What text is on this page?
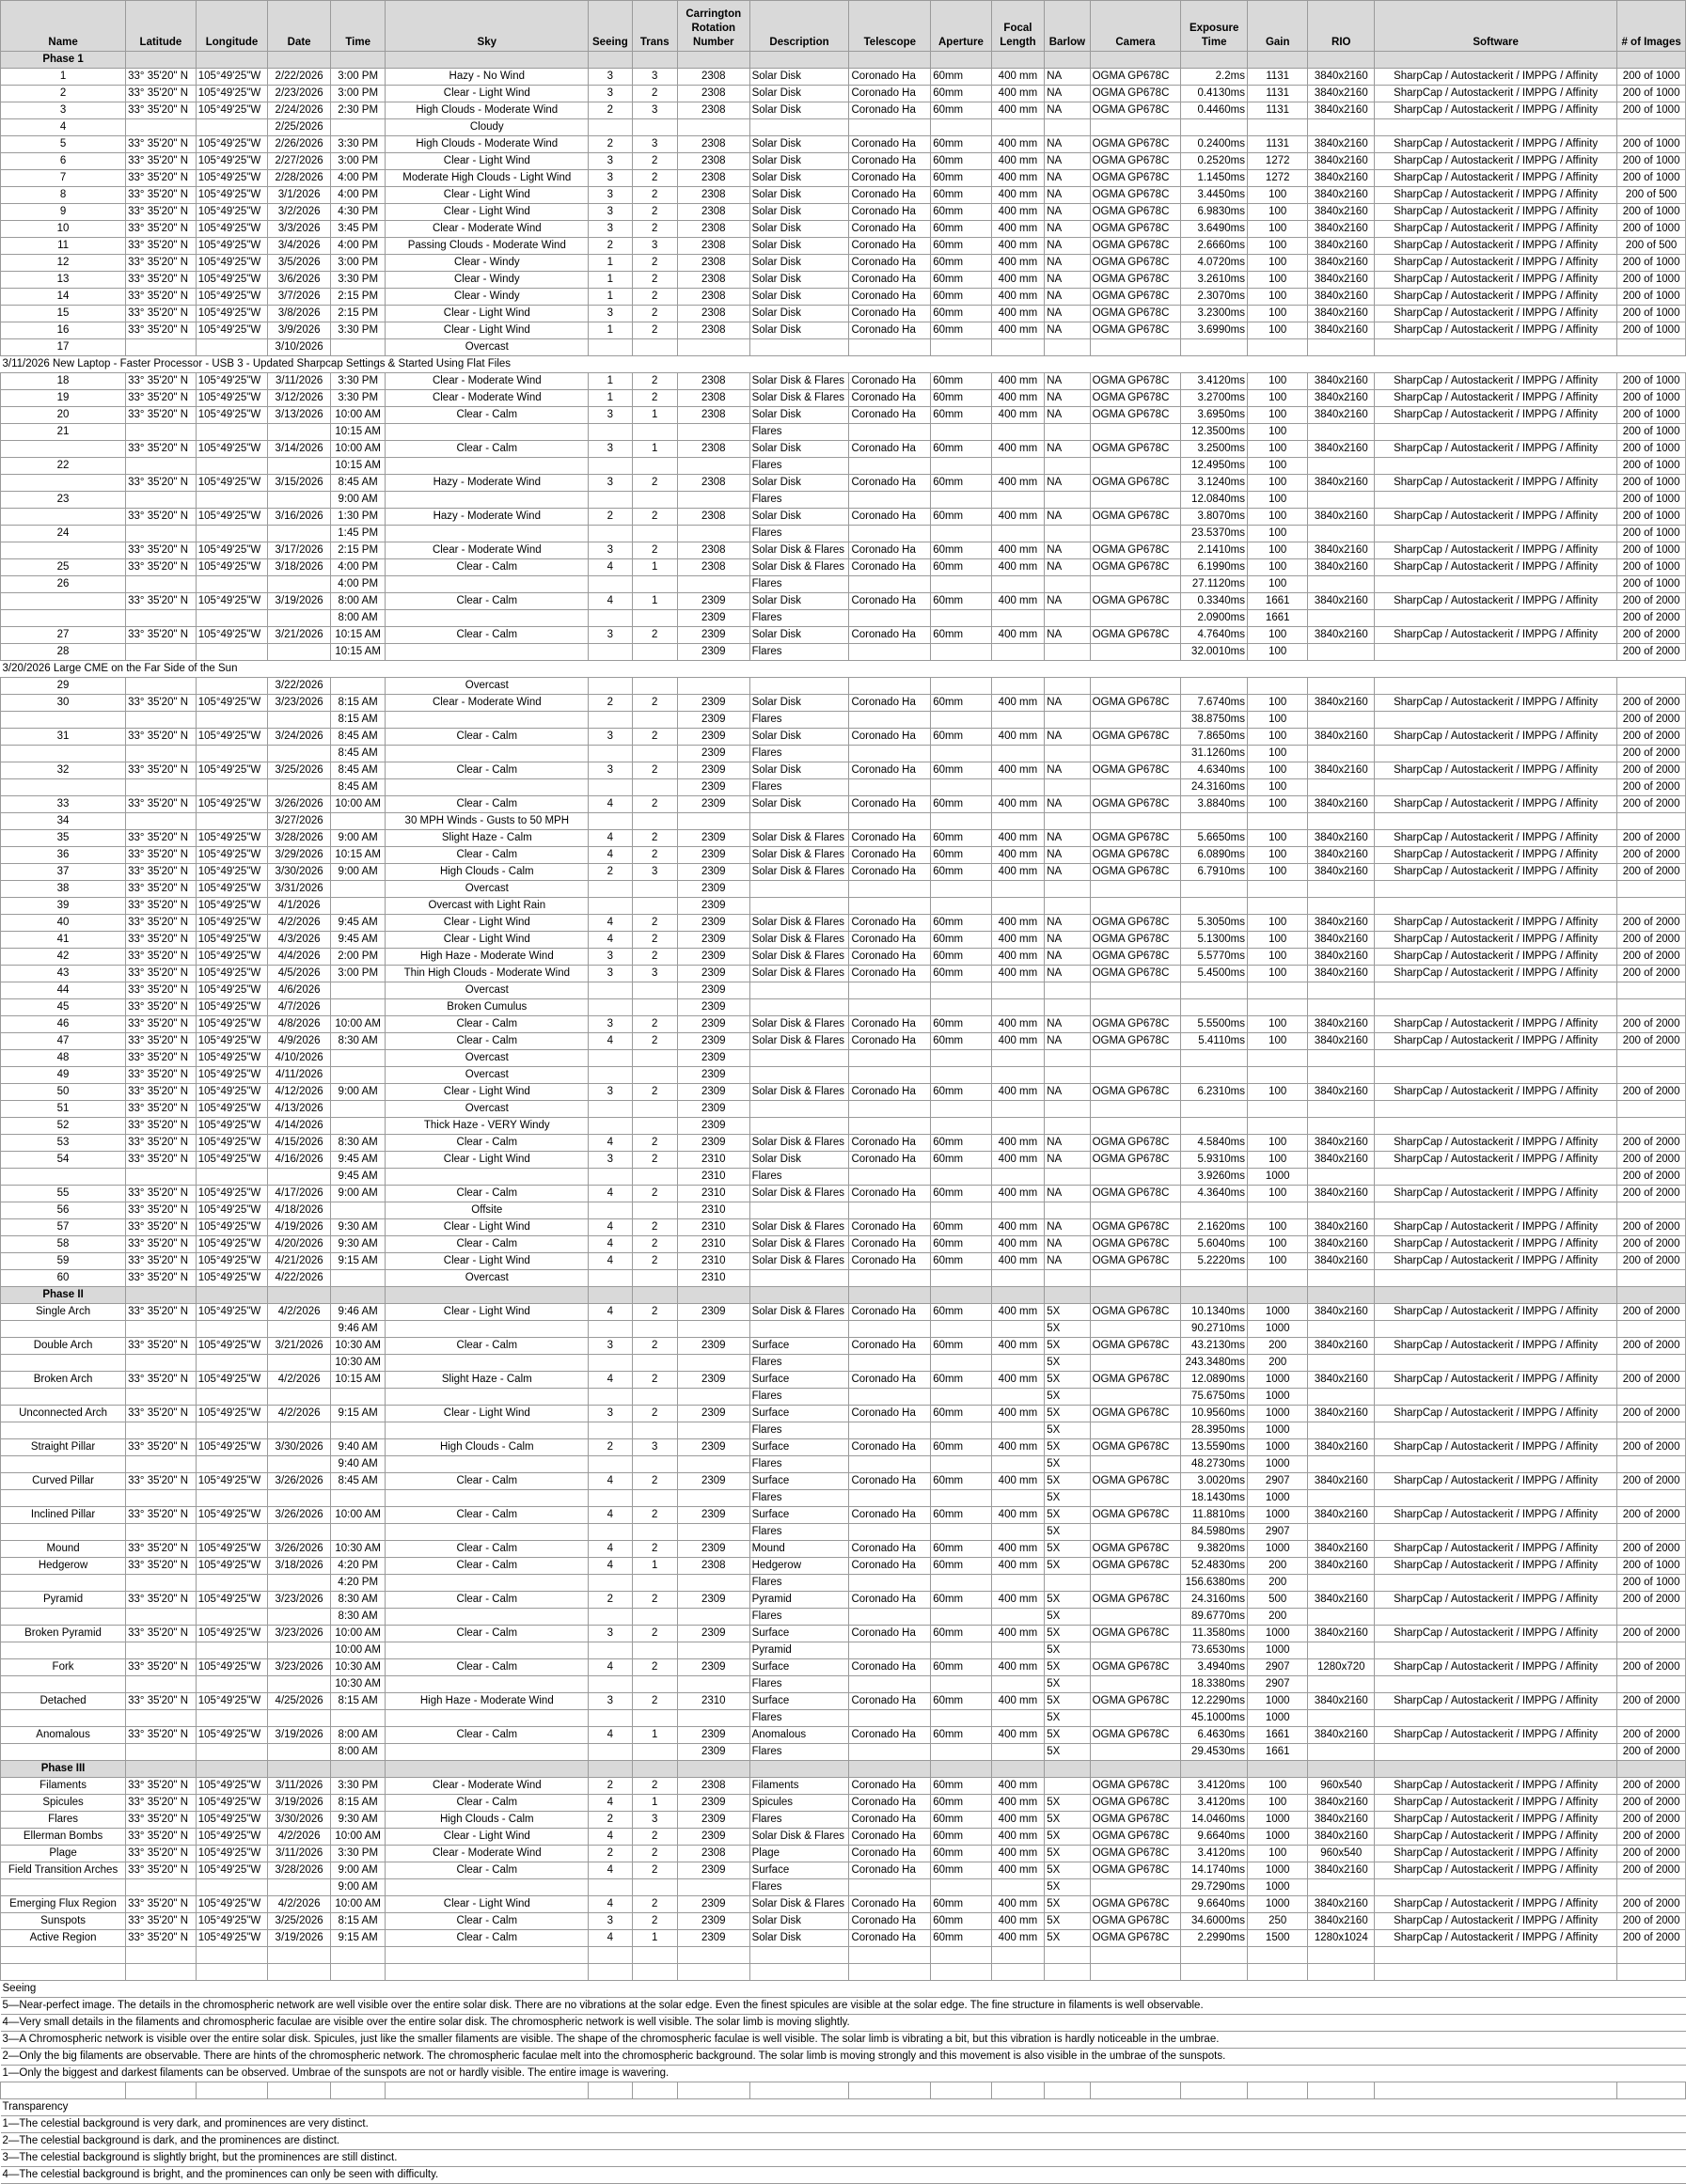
Name	Latitude	Longitude	Date	Time	Sky	Seeing	Trans	Carrington Rotation Number	Description	Telescope	Aperture	Focal Length	Barlow	Camera	Exposure Time	Gain	RIO	Software	# of Images
Phase 1																			
1	33° 35'20" N	105°49'25"W	2/22/2026	3:00 PM	Hazy - No Wind	3	3	2308	Solar Disk	Coronado Ha	60mm	400 mm	NA	OGMA GP678C	2.2ms	1131	3840x2160	SharpCap / Autostackerit / IMPPG / Affinity	200 of 1000
2	33° 35'20" N	105°49'25"W	2/23/2026	3:00 PM	Clear - Light Wind	3	2	2308	Solar Disk	Coronado Ha	60mm	400 mm	NA	OGMA GP678C	0.4130ms	1131	3840x2160	SharpCap / Autostackerit / IMPPG / Affinity	200 of 1000
3	33° 35'20" N	105°49'25"W	2/24/2026	2:30 PM	High Clouds - Moderate Wind	2	3	2308	Solar Disk	Coronado Ha	60mm	400 mm	NA	OGMA GP678C	0.4460ms	1131	3840x2160	SharpCap / Autostackerit / IMPPG / Affinity	200 of 1000
4			2/25/2026		Cloudy														
5	33° 35'20" N	105°49'25"W	2/26/2026	3:30 PM	High Clouds - Moderate Wind	2	3	2308	Solar Disk	Coronado Ha	60mm	400 mm	NA	OGMA GP678C	0.2400ms	1131	3840x2160	SharpCap / Autostackerit / IMPPG / Affinity	200 of 1000
6	33° 35'20" N	105°49'25"W	2/27/2026	3:00 PM	Clear - Light Wind	3	2	2308	Solar Disk	Coronado Ha	60mm	400 mm	NA	OGMA GP678C	0.2520ms	1272	3840x2160	SharpCap / Autostackerit / IMPPG / Affinity	200 of 1000
7	33° 35'20" N	105°49'25"W	2/28/2026	4:00 PM	Moderate High Clouds - Light Wind	3	2	2308	Solar Disk	Coronado Ha	60mm	400 mm	NA	OGMA GP678C	1.1450ms	1272	3840x2160	SharpCap / Autostackerit / IMPPG / Affinity	200 of 1000
8	33° 35'20" N	105°49'25"W	3/1/2026	4:00 PM	Clear - Light Wind	3	2	2308	Solar Disk	Coronado Ha	60mm	400 mm	NA	OGMA GP678C	3.4450ms	100	3840x2160	SharpCap / Autostackerit / IMPPG / Affinity	200 of 500
9	33° 35'20" N	105°49'25"W	3/2/2026	4:30 PM	Clear - Light Wind	3	2	2308	Solar Disk	Coronado Ha	60mm	400 mm	NA	OGMA GP678C	6.9830ms	100	3840x2160	SharpCap / Autostackerit / IMPPG / Affinity	200 of 1000
10	33° 35'20" N	105°49'25"W	3/3/2026	3:45 PM	Clear - Moderate Wind	3	2	2308	Solar Disk	Coronado Ha	60mm	400 mm	NA	OGMA GP678C	3.6490ms	100	3840x2160	SharpCap / Autostackerit / IMPPG / Affinity	200 of 1000
11	33° 35'20" N	105°49'25"W	3/4/2026	4:00 PM	Passing Clouds - Moderate Wind	2	3	2308	Solar Disk	Coronado Ha	60mm	400 mm	NA	OGMA GP678C	2.6660ms	100	3840x2160	SharpCap / Autostackerit / IMPPG / Affinity	200 of 500
12	33° 35'20" N	105°49'25"W	3/5/2026	3:00 PM	Clear - Windy	1	2	2308	Solar Disk	Coronado Ha	60mm	400 mm	NA	OGMA GP678C	4.0720ms	100	3840x2160	SharpCap / Autostackerit / IMPPG / Affinity	200 of 1000
13	33° 35'20" N	105°49'25"W	3/6/2026	3:30 PM	Clear - Windy	1	2	2308	Solar Disk	Coronado Ha	60mm	400 mm	NA	OGMA GP678C	3.2610ms	100	3840x2160	SharpCap / Autostackerit / IMPPG / Affinity	200 of 1000
14	33° 35'20" N	105°49'25"W	3/7/2026	2:15 PM	Clear - Windy	1	2	2308	Solar Disk	Coronado Ha	60mm	400 mm	NA	OGMA GP678C	2.3070ms	100	3840x2160	SharpCap / Autostackerit / IMPPG / Affinity	200 of 1000
15	33° 35'20" N	105°49'25"W	3/8/2026	2:15 PM	Clear - Light Wind	3	2	2308	Solar Disk	Coronado Ha	60mm	400 mm	NA	OGMA GP678C	3.2300ms	100	3840x2160	SharpCap / Autostackerit / IMPPG / Affinity	200 of 1000
16	33° 35'20" N	105°49'25"W	3/9/2026	3:30 PM	Clear - Light Wind	1	2	2308	Solar Disk	Coronado Ha	60mm	400 mm	NA	OGMA GP678C	3.6990ms	100	3840x2160	SharpCap / Autostackerit / IMPPG / Affinity	200 of 1000
17			3/10/2026		Overcast														
3/11/2026 New Laptop - Faster Processor - USB 3 - Updated Sharpcap Settings & Started Using Flat Files																			
18	33° 35'20" N	105°49'25"W	3/11/2026	3:30 PM	Clear - Moderate Wind	1	2	2308	Solar Disk & Flares	Coronado Ha	60mm	400 mm	NA	OGMA GP678C	3.4120ms	100	3840x2160	SharpCap / Autostackerit / IMPPG / Affinity	200 of 1000
19	33° 35'20" N	105°49'25"W	3/12/2026	3:30 PM	Clear - Moderate Wind	1	2	2308	Solar Disk & Flares	Coronado Ha	60mm	400 mm	NA	OGMA GP678C	3.2700ms	100	3840x2160	SharpCap / Autostackerit / IMPPG / Affinity	200 of 1000
20	33° 35'20" N	105°49'25"W	3/13/2026	10:00 AM	Clear - Calm	3	1	2308	Solar Disk	Coronado Ha	60mm	400 mm	NA	OGMA GP678C	3.6950ms	100	3840x2160	SharpCap / Autostackerit / IMPPG / Affinity	200 of 1000
21				10:15 AM					Flares						12.3500ms	100			200 of 1000
	33° 35'20" N	105°49'25"W	3/14/2026	10:00 AM	Clear - Calm	3	1	2308	Solar Disk	Coronado Ha	60mm	400 mm	NA	OGMA GP678C	3.2500ms	100	3840x2160	SharpCap / Autostackerit / IMPPG / Affinity	200 of 1000
22				10:15 AM					Flares						12.4950ms	100			200 of 1000
	33° 35'20" N	105°49'25"W	3/15/2026	8:45 AM	Hazy - Moderate Wind	3	2	2308	Solar Disk	Coronado Ha	60mm	400 mm	NA	OGMA GP678C	3.1240ms	100	3840x2160	SharpCap / Autostackerit / IMPPG / Affinity	200 of 1000
23				9:00 AM					Flares						12.0840ms	100			200 of 1000
	33° 35'20" N	105°49'25"W	3/16/2026	1:30 PM	Hazy - Moderate Wind	2	2	2308	Solar Disk	Coronado Ha	60mm	400 mm	NA	OGMA GP678C	3.8070ms	100	3840x2160	SharpCap / Autostackerit / IMPPG / Affinity	200 of 1000
24				1:45 PM					Flares						23.5370ms	100			200 of 1000
	33° 35'20" N	105°49'25"W	3/17/2026	2:15 PM	Clear - Moderate Wind	3	2	2308	Solar Disk & Flares	Coronado Ha	60mm	400 mm	NA	OGMA GP678C	2.1410ms	100	3840x2160	SharpCap / Autostackerit / IMPPG / Affinity	200 of 1000
25	33° 35'20" N	105°49'25"W	3/18/2026	4:00 PM	Clear - Calm	4	1	2308	Solar Disk & Flares	Coronado Ha	60mm	400 mm	NA	OGMA GP678C	6.1990ms	100	3840x2160	SharpCap / Autostackerit / IMPPG / Affinity	200 of 1000
26				4:00 PM					Flares						27.1120ms	100			200 of 1000
	33° 35'20" N	105°49'25"W	3/19/2026	8:00 AM	Clear - Calm	4	1	2309	Solar Disk	Coronado Ha	60mm	400 mm	NA	OGMA GP678C	0.3340ms	1661	3840x2160	SharpCap / Autostackerit / IMPPG / Affinity	200 of 2000
				8:00 AM				2309	Flares						2.0900ms	1661			200 of 2000
27	33° 35'20" N	105°49'25"W	3/21/2026	10:15 AM	Clear - Calm	3	2	2309	Solar Disk	Coronado Ha	60mm	400 mm	NA	OGMA GP678C	4.7640ms	100	3840x2160	SharpCap / Autostackerit / IMPPG / Affinity	200 of 2000
28				10:15 AM				2309	Flares						32.0010ms	100			200 of 2000
3/20/2026 Large CME on the Far Side of the Sun																			
29			3/22/2026		Overcast														
30	33° 35'20" N	105°49'25"W	3/23/2026	8:15 AM	Clear - Moderate Wind	2	2	2309	Solar Disk	Coronado Ha	60mm	400 mm	NA	OGMA GP678C	7.6740ms	100	3840x2160	SharpCap / Autostackerit / IMPPG / Affinity	200 of 2000
				8:15 AM				2309	Flares						38.8750ms	100			200 of 2000
31	33° 35'20" N	105°49'25"W	3/24/2026	8:45 AM	Clear - Calm	3	2	2309	Solar Disk	Coronado Ha	60mm	400 mm	NA	OGMA GP678C	7.8650ms	100	3840x2160	SharpCap / Autostackerit / IMPPG / Affinity	200 of 2000
				8:45 AM				2309	Flares						31.1260ms	100			200 of 2000
32	33° 35'20" N	105°49'25"W	3/25/2026	8:45 AM	Clear - Calm	3	2	2309	Solar Disk	Coronado Ha	60mm	400 mm	NA	OGMA GP678C	4.6340ms	100	3840x2160	SharpCap / Autostackerit / IMPPG / Affinity	200 of 2000
				8:45 AM				2309	Flares						24.3160ms	100			200 of 2000
33	33° 35'20" N	105°49'25"W	3/26/2026	10:00 AM	Clear - Calm	4	2	2309	Solar Disk	Coronado Ha	60mm	400 mm	NA	OGMA GP678C	3.8840ms	100	3840x2160	SharpCap / Autostackerit / IMPPG / Affinity	200 of 2000
34			3/27/2026		30 MPH Winds - Gusts to 50 MPH														
35	33° 35'20" N	105°49'25"W	3/28/2026	9:00 AM	Slight Haze - Calm	4	2	2309	Solar Disk & Flares	Coronado Ha	60mm	400 mm	NA	OGMA GP678C	5.6650ms	100	3840x2160	SharpCap / Autostackerit / IMPPG / Affinity	200 of 2000
36	33° 35'20" N	105°49'25"W	3/29/2026	10:15 AM	Clear - Calm	4	2	2309	Solar Disk & Flares	Coronado Ha	60mm	400 mm	NA	OGMA GP678C	6.0890ms	100	3840x2160	SharpCap / Autostackerit / IMPPG / Affinity	200 of 2000
37	33° 35'20" N	105°49'25"W	3/30/2026	9:00 AM	High Clouds - Calm	2	3	2309	Solar Disk & Flares	Coronado Ha	60mm	400 mm	NA	OGMA GP678C	6.7910ms	100	3840x2160	SharpCap / Autostackerit / IMPPG / Affinity	200 of 2000
38	33° 35'20" N	105°49'25"W	3/31/2026		Overcast			2309											
39	33° 35'20" N	105°49'25"W	4/1/2026		Overcast with Light Rain			2309											
40	33° 35'20" N	105°49'25"W	4/2/2026	9:45 AM	Clear - Light Wind	4	2	2309	Solar Disk & Flares	Coronado Ha	60mm	400 mm	NA	OGMA GP678C	5.3050ms	100	3840x2160	SharpCap / Autostackerit / IMPPG / Affinity	200 of 2000
41	33° 35'20" N	105°49'25"W	4/3/2026	9:45 AM	Clear - Light Wind	4	2	2309	Solar Disk & Flares	Coronado Ha	60mm	400 mm	NA	OGMA GP678C	5.1300ms	100	3840x2160	SharpCap / Autostackerit / IMPPG / Affinity	200 of 2000
42	33° 35'20" N	105°49'25"W	4/4/2026	2:00 PM	High Haze - Moderate Wind	3	2	2309	Solar Disk & Flares	Coronado Ha	60mm	400 mm	NA	OGMA GP678C	5.5770ms	100	3840x2160	SharpCap / Autostackerit / IMPPG / Affinity	200 of 2000
43	33° 35'20" N	105°49'25"W	4/5/2026	3:00 PM	Thin High Clouds - Moderate Wind	3	3	2309	Solar Disk & Flares	Coronado Ha	60mm	400 mm	NA	OGMA GP678C	5.4500ms	100	3840x2160	SharpCap / Autostackerit / IMPPG / Affinity	200 of 2000
44	33° 35'20" N	105°49'25"W	4/6/2026		Overcast			2309											
45	33° 35'20" N	105°49'25"W	4/7/2026		Broken Cumulus			2309											
46	33° 35'20" N	105°49'25"W	4/8/2026	10:00 AM	Clear - Calm	3	2	2309	Solar Disk & Flares	Coronado Ha	60mm	400 mm	NA	OGMA GP678C	5.5500ms	100	3840x2160	SharpCap / Autostackerit / IMPPG / Affinity	200 of 2000
47	33° 35'20" N	105°49'25"W	4/9/2026	8:30 AM	Clear - Calm	4	2	2309	Solar Disk & Flares	Coronado Ha	60mm	400 mm	NA	OGMA GP678C	5.4110ms	100	3840x2160	SharpCap / Autostackerit / IMPPG / Affinity	200 of 2000
48	33° 35'20" N	105°49'25"W	4/10/2026		Overcast			2309											
49	33° 35'20" N	105°49'25"W	4/11/2026		Overcast			2309											
50	33° 35'20" N	105°49'25"W	4/12/2026	9:00 AM	Clear - Light Wind	3	2	2309	Solar Disk & Flares	Coronado Ha	60mm	400 mm	NA	OGMA GP678C	6.2310ms	100	3840x2160	SharpCap / Autostackerit / IMPPG / Affinity	200 of 2000
51	33° 35'20" N	105°49'25"W	4/13/2026		Overcast			2309											
52	33° 35'20" N	105°49'25"W	4/14/2026		Thick Haze - VERY Windy			2309											
53	33° 35'20" N	105°49'25"W	4/15/2026	8:30 AM	Clear - Calm	4	2	2309	Solar Disk & Flares	Coronado Ha	60mm	400 mm	NA	OGMA GP678C	4.5840ms	100	3840x2160	SharpCap / Autostackerit / IMPPG / Affinity	200 of 2000
54	33° 35'20" N	105°49'25"W	4/16/2026	9:45 AM	Clear - Light Wind	3	2	2310	Solar Disk	Coronado Ha	60mm	400 mm	NA	OGMA GP678C	5.9310ms	100	3840x2160	SharpCap / Autostackerit / IMPPG / Affinity	200 of 2000
				9:45 AM				2310	Flares						3.9260ms	1000			200 of 2000
55	33° 35'20" N	105°49'25"W	4/17/2026	9:00 AM	Clear - Calm	4	2	2310	Solar Disk & Flares	Coronado Ha	60mm	400 mm	NA	OGMA GP678C	4.3640ms	100	3840x2160	SharpCap / Autostackerit / IMPPG / Affinity	200 of 2000
56	33° 35'20" N	105°49'25"W	4/18/2026		Offsite			2310											
57	33° 35'20" N	105°49'25"W	4/19/2026	9:30 AM	Clear - Light Wind	4	2	2310	Solar Disk & Flares	Coronado Ha	60mm	400 mm	NA	OGMA GP678C	2.1620ms	100	3840x2160	SharpCap / Autostackerit / IMPPG / Affinity	200 of 2000
58	33° 35'20" N	105°49'25"W	4/20/2026	9:30 AM	Clear - Calm	4	2	2310	Solar Disk & Flares	Coronado Ha	60mm	400 mm	NA	OGMA GP678C	5.6040ms	100	3840x2160	SharpCap / Autostackerit / IMPPG / Affinity	200 of 2000
59	33° 35'20" N	105°49'25"W	4/21/2026	9:15 AM	Clear - Light Wind	4	2	2310	Solar Disk & Flares	Coronado Ha	60mm	400 mm	NA	OGMA GP678C	5.2220ms	100	3840x2160	SharpCap / Autostackerit / IMPPG / Affinity	200 of 2000
60	33° 35'20" N	105°49'25"W	4/22/2026		Overcast			2310											
Phase II																			
Single Arch	33° 35'20" N	105°49'25"W	4/2/2026	9:46 AM	Clear - Light Wind	4	2	2309	Solar Disk & Flares	Coronado Ha	60mm	400 mm	5X	OGMA GP678C	10.1340ms	1000	3840x2160	SharpCap / Autostackerit / IMPPG / Affinity	200 of 2000
				9:46 AM									5X		90.2710ms	1000			
Double Arch	33° 35'20" N	105°49'25"W	3/21/2026	10:30 AM	Clear - Calm	3	2	2309	Surface	Coronado Ha	60mm	400 mm	5X	OGMA GP678C	43.2130ms	200	3840x2160	SharpCap / Autostackerit / IMPPG / Affinity	200 of 2000
				10:30 AM					Flares				5X		243.3480ms	200			
Broken Arch	33° 35'20" N	105°49'25"W	4/2/2026	10:15 AM	Slight Haze - Calm	4	2	2309	Surface	Coronado Ha	60mm	400 mm	5X	OGMA GP678C	12.0890ms	1000	3840x2160	SharpCap / Autostackerit / IMPPG / Affinity	200 of 2000
									Flares				5X		75.6750ms	1000			
Unconnected Arch	33° 35'20" N	105°49'25"W	4/2/2026	9:15 AM	Clear - Light Wind	3	2	2309	Surface	Coronado Ha	60mm	400 mm	5X	OGMA GP678C	10.9560ms	1000	3840x2160	SharpCap / Autostackerit / IMPPG / Affinity	200 of 2000
									Flares				5X		28.3950ms	1000			
Straight Pillar	33° 35'20" N	105°49'25"W	3/30/2026	9:40 AM	High Clouds - Calm	2	3	2309	Surface	Coronado Ha	60mm	400 mm	5X	OGMA GP678C	13.5590ms	1000	3840x2160	SharpCap / Autostackerit / IMPPG / Affinity	200 of 2000
				9:40 AM					Flares				5X		48.2730ms	1000			
Curved Pillar	33° 35'20" N	105°49'25"W	3/26/2026	8:45 AM	Clear - Calm	4	2	2309	Surface	Coronado Ha	60mm	400 mm	5X	OGMA GP678C	3.0020ms	2907	3840x2160	SharpCap / Autostackerit / IMPPG / Affinity	200 of 2000
									Flares				5X		18.1430ms	1000			
Inclined Pillar	33° 35'20" N	105°49'25"W	3/26/2026	10:00 AM	Clear - Calm	4	2	2309	Surface	Coronado Ha	60mm	400 mm	5X	OGMA GP678C	11.8810ms	1000	3840x2160	SharpCap / Autostackerit / IMPPG / Affinity	200 of 2000
									Flares				5X		84.5980ms	2907			
Mound	33° 35'20" N	105°49'25"W	3/26/2026	10:30 AM	Clear - Calm	4	2	2309	Mound	Coronado Ha	60mm	400 mm	5X	OGMA GP678C	9.3820ms	1000	3840x2160	SharpCap / Autostackerit / IMPPG / Affinity	200 of 2000
Hedgerow	33° 35'20" N	105°49'25"W	3/18/2026	4:20 PM	Clear - Calm	4	1	2308	Hedgerow	Coronado Ha	60mm	400 mm	5X	OGMA GP678C	52.4830ms	200	3840x2160	SharpCap / Autostackerit / IMPPG / Affinity	200 of 1000
				4:20 PM					Flares						156.6380ms	200			200 of 1000
Pyramid	33° 35'20" N	105°49'25"W	3/23/2026	8:30 AM	Clear - Calm	2	2	2309	Pyramid	Coronado Ha	60mm	400 mm	5X	OGMA GP678C	24.3160ms	500	3840x2160	SharpCap / Autostackerit / IMPPG / Affinity	200 of 2000
				8:30 AM					Flares				5X		89.6770ms	200			
Broken Pyramid	33° 35'20" N	105°49'25"W	3/23/2026	10:00 AM	Clear - Calm	3	2	2309	Surface	Coronado Ha	60mm	400 mm	5X	OGMA GP678C	11.3580ms	1000	3840x2160	SharpCap / Autostackerit / IMPPG / Affinity	200 of 2000
				10:00 AM					Pyramid				5X		73.6530ms	1000			
Fork	33° 35'20" N	105°49'25"W	3/23/2026	10:30 AM	Clear - Calm	4	2	2309	Surface	Coronado Ha	60mm	400 mm	5X	OGMA GP678C	3.4940ms	2907	1280x720	SharpCap / Autostackerit / IMPPG / Affinity	200 of 2000
				10:30 AM					Flares				5X		18.3380ms	2907			
Detached	33° 35'20" N	105°49'25"W	4/25/2026	8:15 AM	High Haze - Moderate Wind	3	2	2310	Surface	Coronado Ha	60mm	400 mm	5X	OGMA GP678C	12.2290ms	1000	3840x2160	SharpCap / Autostackerit / IMPPG / Affinity	200 of 2000
									Flares				5X		45.1000ms	1000			
Anomalous	33° 35'20" N	105°49'25"W	3/19/2026	8:00 AM	Clear - Calm	4	1	2309	Anomalous	Coronado Ha	60mm	400 mm	5X	OGMA GP678C	6.4630ms	1661	3840x2160	SharpCap / Autostackerit / IMPPG / Affinity	200 of 2000
				8:00 AM				2309	Flares				5X		29.4530ms	1661			200 of 2000
Phase III																			
Filaments	33° 35'20" N	105°49'25"W	3/11/2026	3:30 PM	Clear - Moderate Wind	2	2	2308	Filaments	Coronado Ha	60mm	400 mm		OGMA GP678C	3.4120ms	100	960x540	SharpCap / Autostackerit / IMPPG / Affinity	200 of 2000
Spicules	33° 35'20" N	105°49'25"W	3/19/2026	8:15 AM	Clear - Calm	4	1	2309	Spicules	Coronado Ha	60mm	400 mm	5X	OGMA GP678C	3.4120ms	100	3840x2160	SharpCap / Autostackerit / IMPPG / Affinity	200 of 2000
Flares	33° 35'20" N	105°49'25"W	3/30/2026	9:30 AM	High Clouds - Calm	2	3	2309	Flares	Coronado Ha	60mm	400 mm	5X	OGMA GP678C	14.0460ms	1000	3840x2160	SharpCap / Autostackerit / IMPPG / Affinity	200 of 2000
Ellerman Bombs	33° 35'20" N	105°49'25"W	4/2/2026	10:00 AM	Clear - Light Wind	4	2	2309	Solar Disk & Flares	Coronado Ha	60mm	400 mm	5X	OGMA GP678C	9.6640ms	1000	3840x2160	SharpCap / Autostackerit / IMPPG / Affinity	200 of 2000
Plage	33° 35'20" N	105°49'25"W	3/11/2026	3:30 PM	Clear - Moderate Wind	2	2	2308	Plage	Coronado Ha	60mm	400 mm	5X	OGMA GP678C	3.4120ms	100	960x540	SharpCap / Autostackerit / IMPPG / Affinity	200 of 2000
Field Transition Arches	33° 35'20" N	105°49'25"W	3/28/2026	9:00 AM	Clear - Calm	4	2	2309	Surface	Coronado Ha	60mm	400 mm	5X	OGMA GP678C	14.1740ms	1000	3840x2160	SharpCap / Autostackerit / IMPPG / Affinity	200 of 2000
				9:00 AM					Flares				5X		29.7290ms	1000			
Emerging Flux Region	33° 35'20" N	105°49'25"W	4/2/2026	10:00 AM	Clear - Light Wind	4	2	2309	Solar Disk & Flares	Coronado Ha	60mm	400 mm	5X	OGMA GP678C	9.6640ms	1000	3840x2160	SharpCap / Autostackerit / IMPPG / Affinity	200 of 2000
Sunspots	33° 35'20" N	105°49'25"W	3/25/2026	8:15 AM	Clear - Calm	3	2	2309	Solar Disk	Coronado Ha	60mm	400 mm	5X	OGMA GP678C	34.6000ms	250	3840x2160	SharpCap / Autostackerit / IMPPG / Affinity	200 of 2000
Active Region	33° 35'20" N	105°49'25"W	3/19/2026	9:15 AM	Clear - Calm	4	1	2309	Solar Disk	Coronado Ha	60mm	400 mm	5X	OGMA GP678C	2.2990ms	1500	1280x1024	SharpCap / Autostackerit / IMPPG / Affinity	200 of 2000

Seeing																			
5—Near-perfect image. The details in the chromospheric network are well visible over the entire solar disk. There are no vibrations at the solar edge. Even the finest spicules are visible at the solar edge. The fine structure in filaments is well observable.																			
4—Very small details in the filaments and chromospheric faculae are visible over the entire solar disk. The chromospheric network is well visible. The solar limb is moving slightly.																			
3—A Chromospheric network is visible over the entire solar disk. Spicules, just like the smaller filaments are visible. The shape of the chromospheric faculae is well visible. The solar limb is vibrating a bit, but this vibration is hardly noticeable in the umbrae.																			
2—Only the big filaments are observable. There are hints of the chromospheric network. The chromospheric faculae melt into the chromospheric background. The solar limb is moving strongly and this movement is also visible in the umbrae of the sunspots.																			
1—Only the biggest and darkest filaments can be observed. Umbrae of the sunspots are not or hardly visible. The entire image is wavering.																			

Transparency																			
1—The celestial background is very dark, and prominences are very distinct.																			
2—The celestial background is dark, and the prominences are distinct.																			
3—The celestial background is slightly bright, but the prominences are still distinct.																			
4—The celestial background is bright, and the prominences can only be seen with difficulty.																			
